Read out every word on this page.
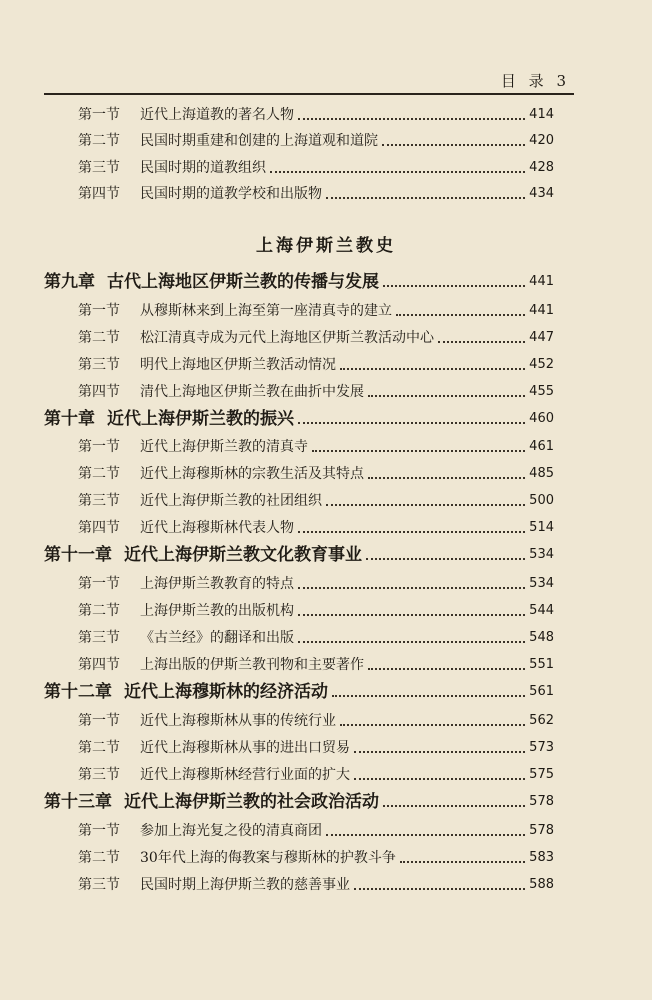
目 录 3
第一节	近代上海道教的著名人物	414
第二节	民国时期重建和创建的上海道观和道院	420
第三节	民国时期的道教组织	428
第四节	民国时期的道教学校和出版物	434
上海伊斯兰教史
第九章 古代上海地区伊斯兰教的传播与发展	441
第一节	从穆斯林来到上海至第一座清真寺的建立	441
第二节	松江清真寺成为元代上海地区伊斯兰教活动中心	447
第三节	明代上海地区伊斯兰教活动情况	452
第四节	清代上海地区伊斯兰教在曲折中发展	455
第十章 近代上海伊斯兰教的振兴	460
第一节	近代上海伊斯兰教的清真寺	461
第二节	近代上海穆斯林的宗教生活及其特点	485
第三节	近代上海伊斯兰教的社团组织	500
第四节	近代上海穆斯林代表人物	514
第十一章 近代上海伊斯兰教文化教育事业	534
第一节	上海伊斯兰教教育的特点	534
第二节	上海伊斯兰教的出版机构	544
第三节	《古兰经》的翻译和出版	548
第四节	上海出版的伊斯兰教刊物和主要著作	551
第十二章 近代上海穆斯林的经济活动	561
第一节	近代上海穆斯林从事的传统行业	562
第二节	近代上海穆斯林从事的进出口贸易	573
第三节	近代上海穆斯林经营行业面的扩大	575
第十三章 近代上海伊斯兰教的社会政治活动	578
第一节	参加上海光复之役的清真商团	578
第二节	30年代上海的侮教案与穆斯林的护教斗争	583
第三节	民国时期上海伊斯兰教的慈善事业	588
